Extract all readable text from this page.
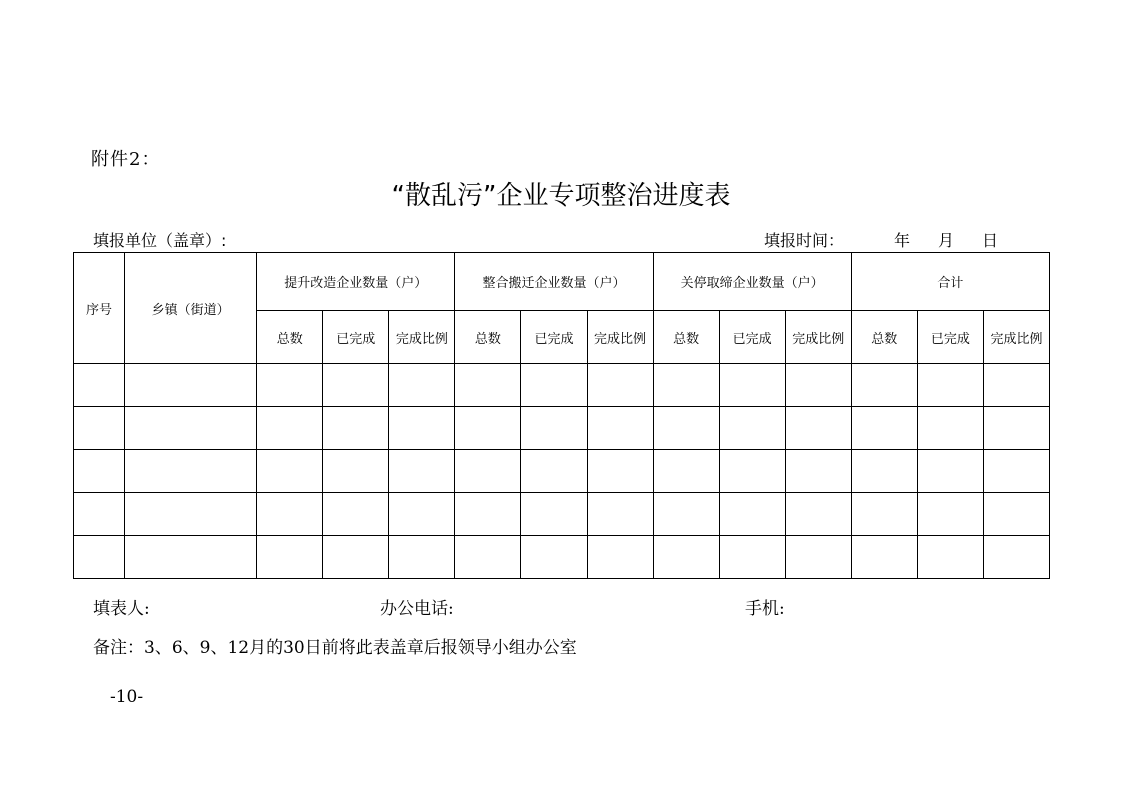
附件2：
“散乱污”企业专项整治进度表
填报单位（盖章）:	填报时间：	年 月 日
序号	乡镇（街道）	提升改造企业数量（户）			整合搬迁企业数量（户）			关停取缔企业数量（户）			合计		
		总数	已完成	完成比例	总数	已完成	完成比例	总数	已完成	完成比例	总数	已完成	完成比例

填表人:	办公电话:	手机:
备注：3、6、9、12月的30日前将此表盖章后报领导小组办公室
-10-
